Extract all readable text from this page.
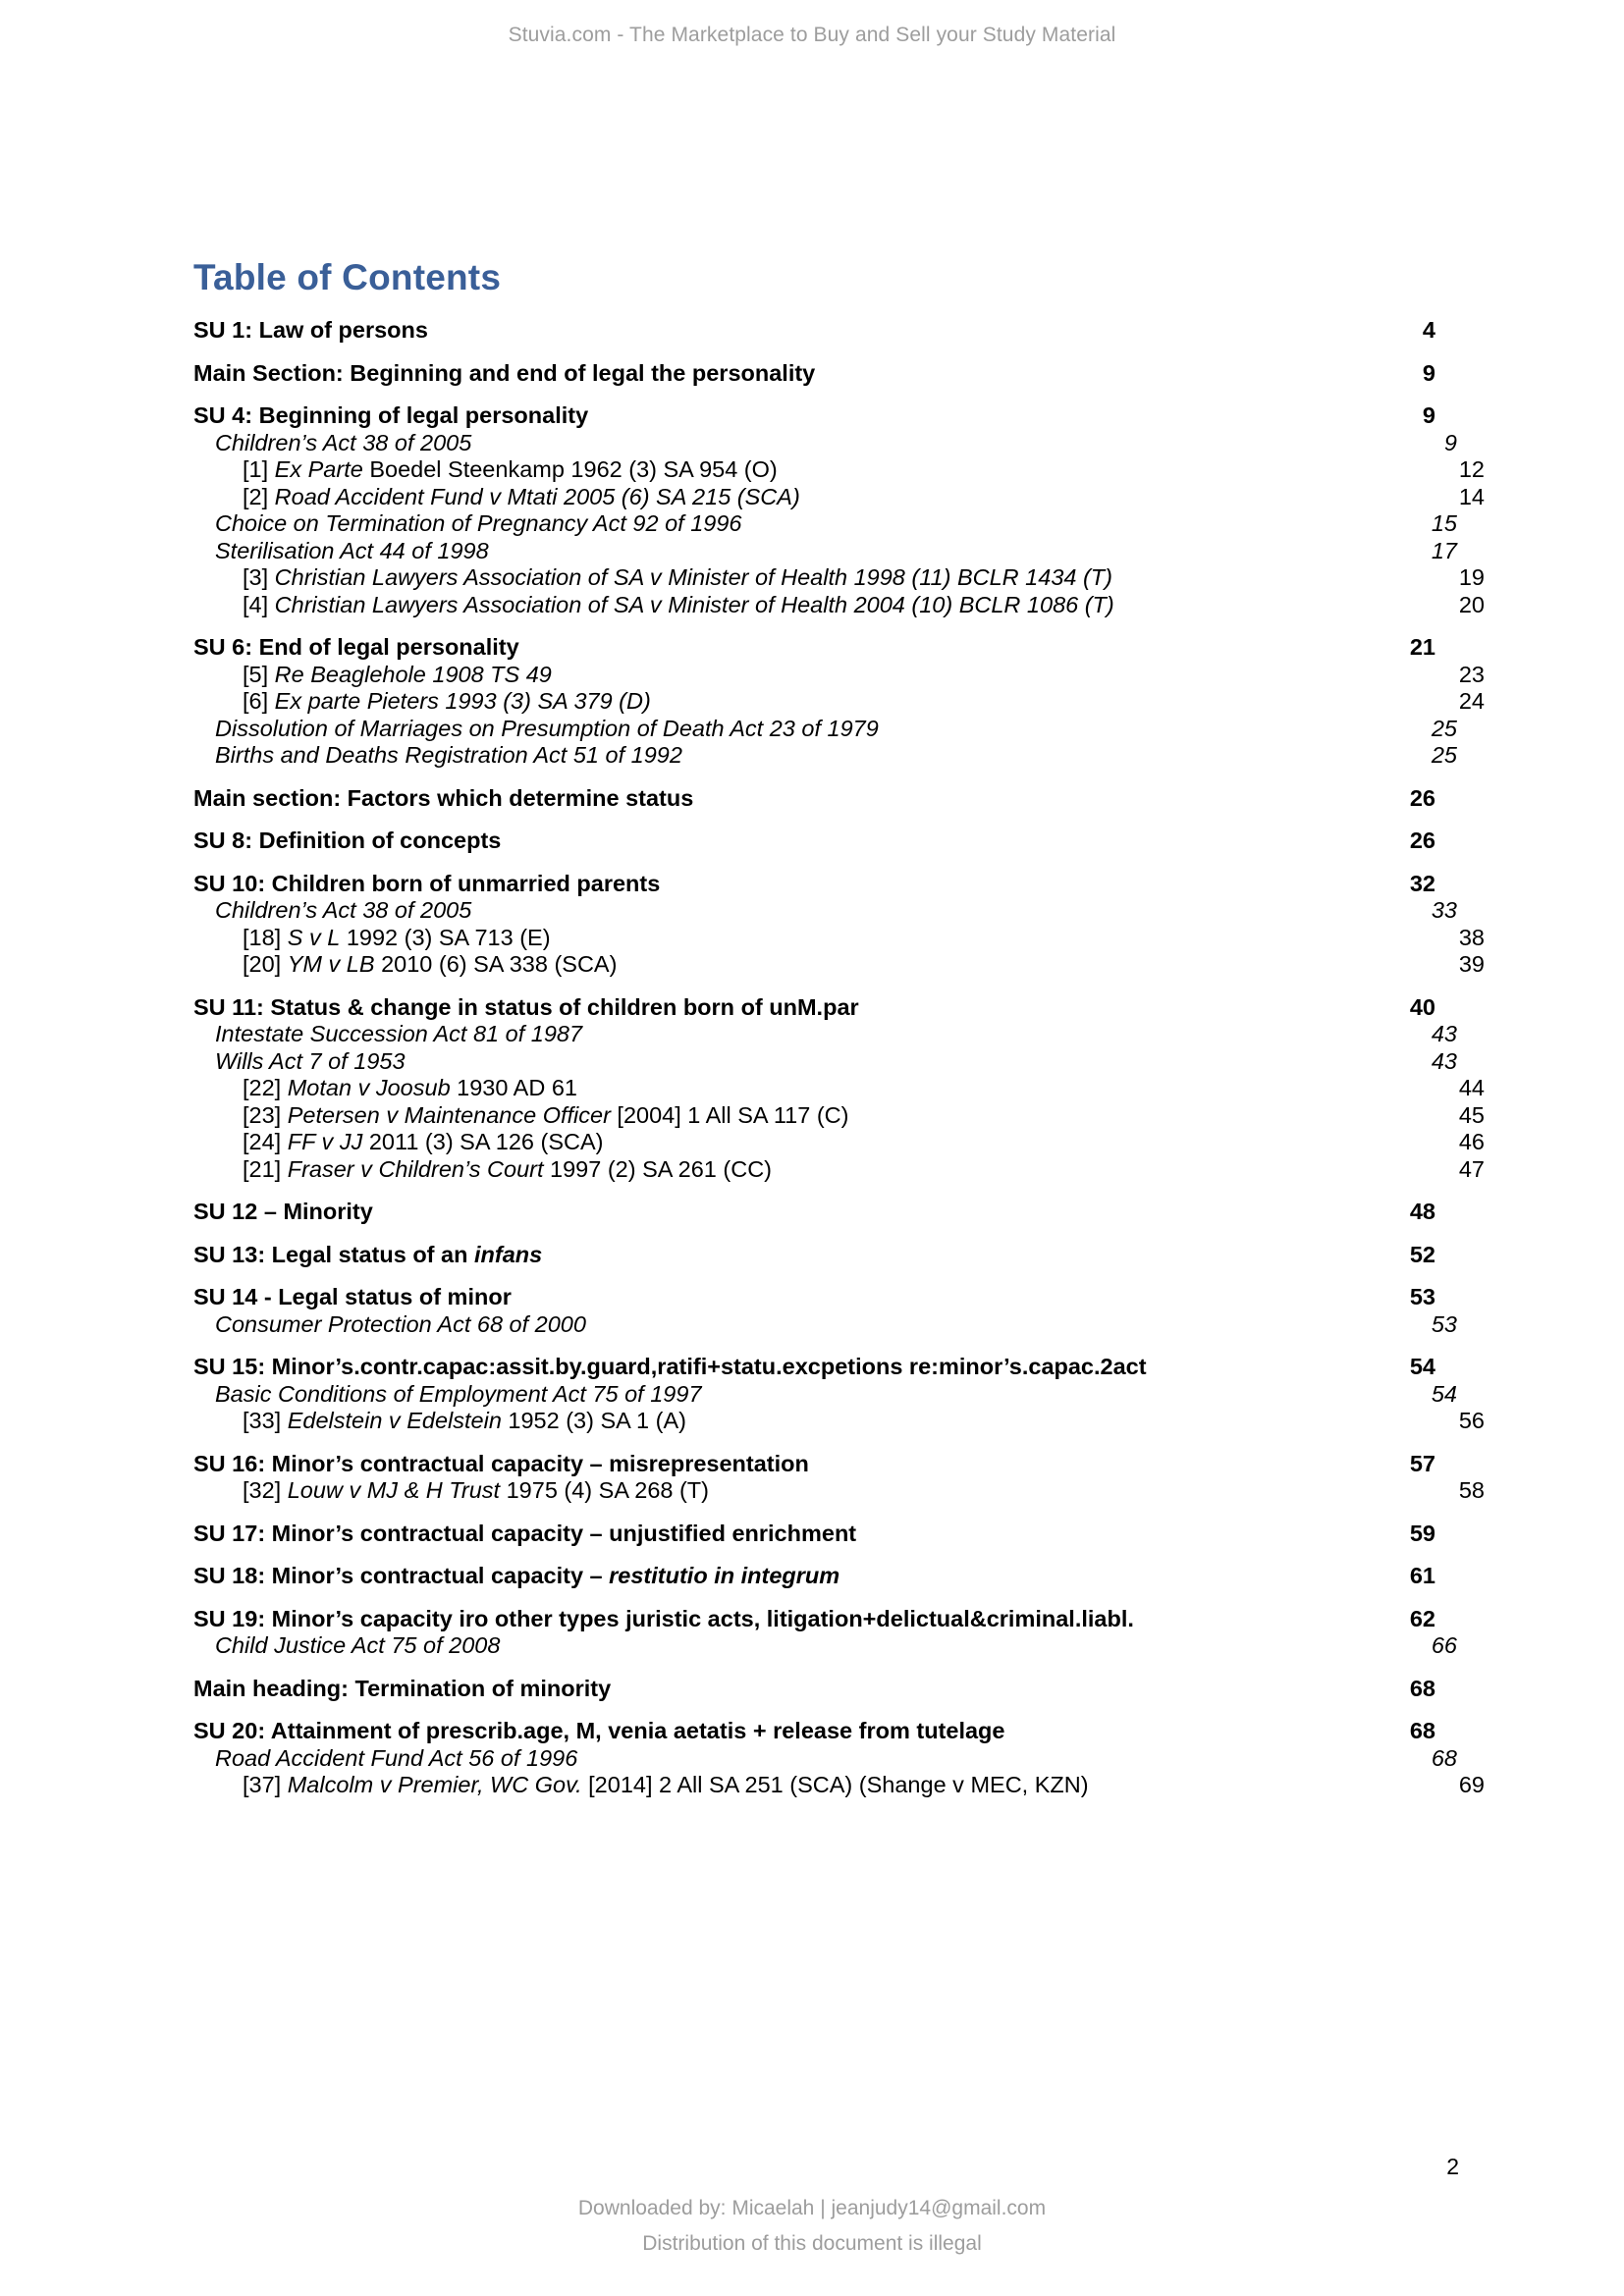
Stuvia.com - The Marketplace to Buy and Sell your Study Material
Table of Contents
SU 1: Law of persons	4
Main Section: Beginning and end of legal the personality	9
SU 4: Beginning of legal personality	9
Children’s Act 38 of 2005	9
[1] Ex Parte Boedel Steenkamp 1962 (3) SA 954 (O)	12
[2] Road Accident Fund v Mtati 2005 (6) SA 215 (SCA)	14
Choice on Termination of Pregnancy Act 92 of 1996	15
Sterilisation Act 44 of 1998	17
[3] Christian Lawyers Association of SA v Minister of Health 1998 (11) BCLR 1434 (T)	19
[4] Christian Lawyers Association of SA v Minister of Health 2004 (10) BCLR 1086 (T)	20
SU 6: End of legal personality	21
[5] Re Beaglehole 1908 TS 49	23
[6] Ex parte Pieters 1993 (3) SA 379 (D)	24
Dissolution of Marriages on Presumption of Death Act 23 of 1979	25
Births and Deaths Registration Act 51 of 1992	25
Main section: Factors which determine status	26
SU 8: Definition of concepts	26
SU 10: Children born of unmarried parents	32
Children’s Act 38 of 2005	33
[18] S v L 1992 (3) SA 713 (E)	38
[20] YM v LB 2010 (6) SA 338 (SCA)	39
SU 11: Status & change in status of children born of unM.par	40
Intestate Succession Act 81 of 1987	43
Wills Act 7 of 1953	43
[22] Motan v Joosub 1930 AD 61	44
[23] Petersen v Maintenance Officer [2004] 1 All SA 117 (C)	45
[24] FF v JJ 2011 (3) SA 126 (SCA)	46
[21] Fraser v Children’s Court 1997 (2) SA 261 (CC)	47
SU 12 – Minority	48
SU 13: Legal status of an infans	52
SU 14 - Legal status of minor	53
Consumer Protection Act 68 of 2000	53
SU 15: Minor’s.contr.capac:assit.by.guard,ratifi+statu.excpetions re:minor’s.capac.2act	54
Basic Conditions of Employment Act 75 of 1997	54
[33] Edelstein v Edelstein 1952 (3) SA 1 (A)	56
SU 16: Minor’s contractual capacity – misrepresentation	57
[32] Louw v MJ & H Trust 1975 (4) SA 268 (T)	58
SU 17: Minor’s contractual capacity – unjustified enrichment	59
SU 18: Minor’s contractual capacity – restitutio in integrum	61
SU 19: Minor’s capacity iro other types juristic acts, litigation+delictual&criminal.liabl.	62
Child Justice Act 75 of 2008	66
Main heading: Termination of minority	68
SU 20: Attainment of prescrib.age, M, venia aetatis + release from tutelage	68
Road Accident Fund Act 56 of 1996	68
[37] Malcolm v Premier, WC Gov. [2014] 2 All SA 251 (SCA) (Shange v MEC, KZN)	69
2
Downloaded by: Micaelah | jeanjudy14@gmail.com
Distribution of this document is illegal
